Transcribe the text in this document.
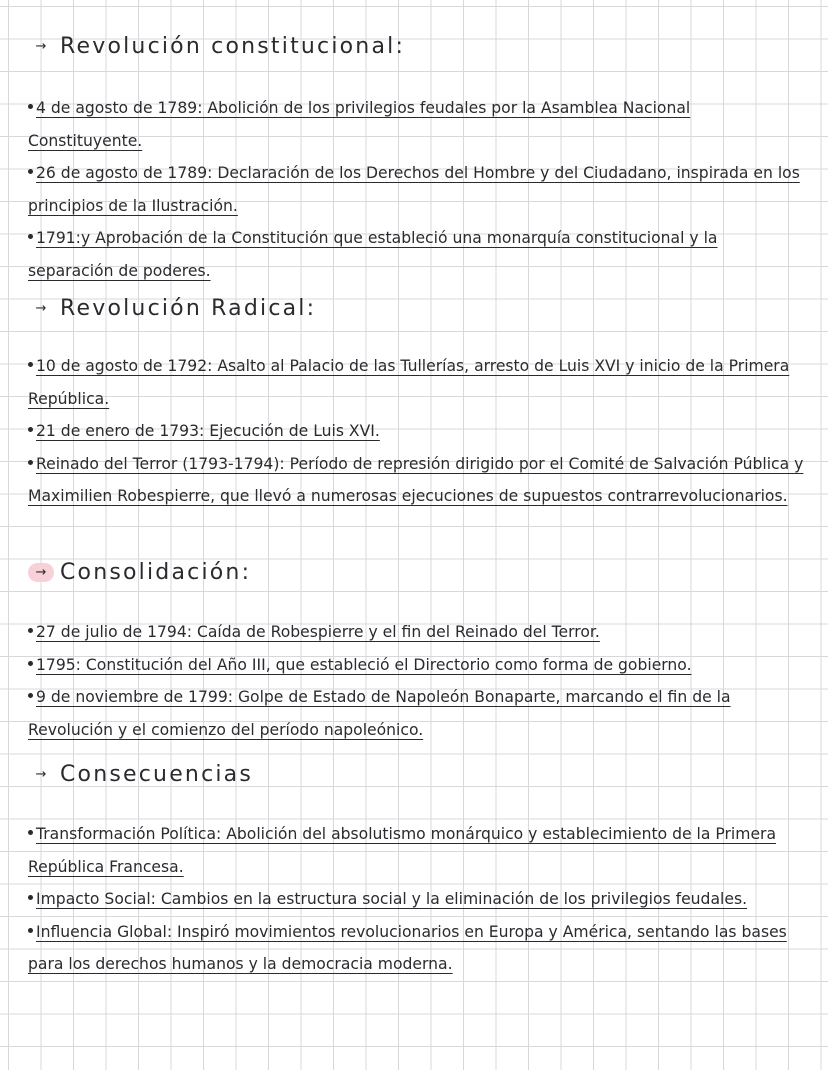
→ Revolución constitucional:
4 de agosto de 1789: Abolición de los privilegios feudales por la Asamblea Nacional Constituyente.
26 de agosto de 1789: Declaración de los Derechos del Hombre y del Ciudadano, inspirada en los principios de la Ilustración.
1791:y Aprobación de la Constitución que estableció una monarquía constitucional y la separación de poderes.
→ Revolución Radical:
10 de agosto de 1792: Asalto al Palacio de las Tullerías, arresto de Luis XVI y inicio de la Primera República.
21 de enero de 1793: Ejecución de Luis XVI.
Reinado del Terror (1793-1794): Período de represión dirigido por el Comité de Salvación Pública y Maximilien Robespierre, que llevó a numerosas ejecuciones de supuestos contrarrevolucionarios.
→ Consolidación:
27 de julio de 1794: Caída de Robespierre y el fin del Reinado del Terror.
1795: Constitución del Año III, que estableció el Directorio como forma de gobierno.
9 de noviembre de 1799: Golpe de Estado de Napoleón Bonaparte, marcando el fin de la Revolución y el comienzo del período napoleónico.
→ Consecuencias
Transformación Política: Abolición del absolutismo monárquico y establecimiento de la Primera República Francesa.
Impacto Social: Cambios en la estructura social y la eliminación de los privilegios feudales.
Influencia Global: Inspiró movimientos revolucionarios en Europa y América, sentando las bases para los derechos humanos y la democracia moderna.
